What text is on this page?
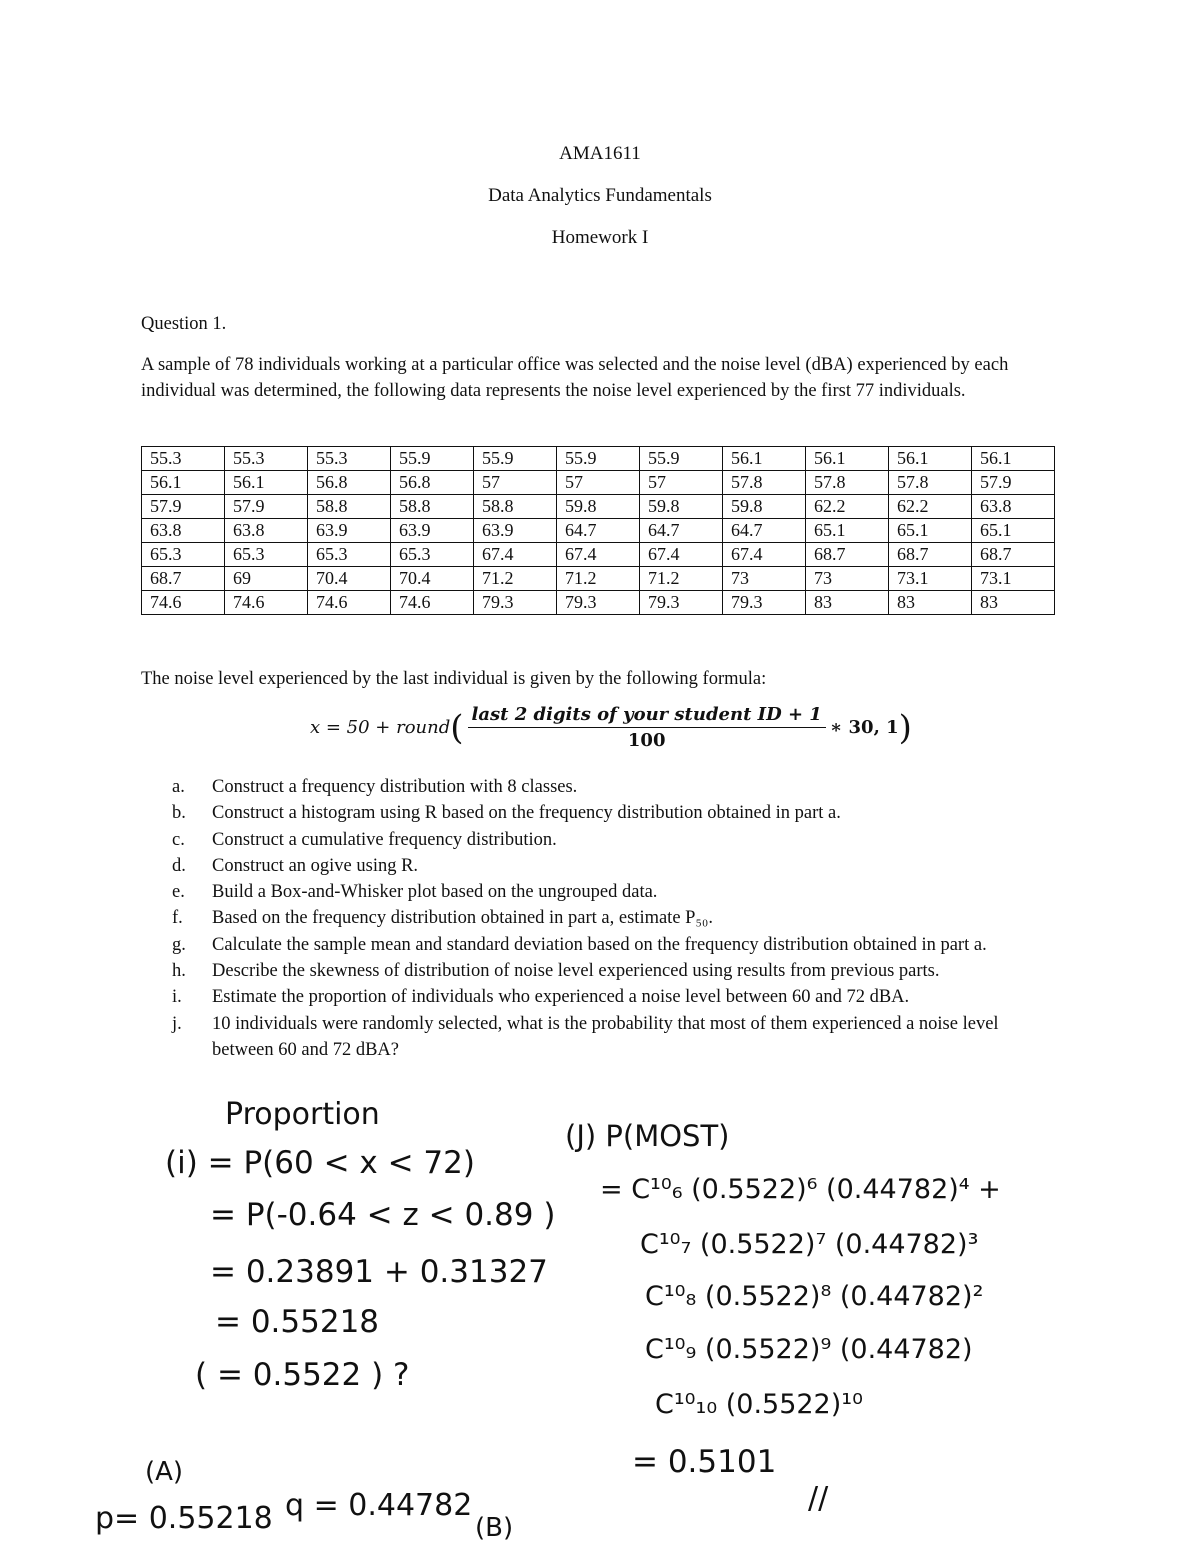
AMA1611
Data Analytics Fundamentals
Homework I
Question 1.
A sample of 78 individuals working at a particular office was selected and the noise level (dBA) experienced by each individual was determined, the following data represents the noise level experienced by the first 77 individuals.
55.3	55.3	55.3	55.9	55.9	55.9	55.9	56.1	56.1	56.1	56.1
56.1	56.1	56.8	56.8	57	57	57	57.8	57.8	57.8	57.9
57.9	57.9	58.8	58.8	58.8	59.8	59.8	59.8	62.2	62.2	63.8
63.8	63.8	63.9	63.9	63.9	64.7	64.7	64.7	65.1	65.1	65.1
65.3	65.3	65.3	65.3	67.4	67.4	67.4	67.4	68.7	68.7	68.7
68.7	69	70.4	70.4	71.2	71.2	71.2	73	73	73.1	73.1
74.6	74.6	74.6	74.6	79.3	79.3	79.3	79.3	83	83	83
The noise level experienced by the last individual is given by the following formula:
x = 50 + round ( $\frac{\text{last 2 digits of your student ID + 1}}{100}$ ∗ 30, 1 )
a.	Construct a frequency distribution with 8 classes.
b.	Construct a histogram using R based on the frequency distribution obtained in part a.
c.	Construct a cumulative frequency distribution.
d.	Construct an ogive using R.
e.	Build a Box-and-Whisker plot based on the ungrouped data.
f.	Based on the frequency distribution obtained in part a, estimate P₅₀.
g.	Calculate the sample mean and standard deviation based on the frequency distribution obtained in part a.
h.	Describe the skewness of distribution of noise level experienced using results from previous parts.
i.	Estimate the proportion of individuals who experienced a noise level between 60 and 72 dBA.
j.	10 individuals were randomly selected, what is the probability that most of them experienced a noise level between 60 and 72 dBA?
Proportion
(i) = P(60 < x < 72)
= P(-0.64 < z < 0.89 )
= 0.23891 + 0.31327
= 0.55218
( = 0.5522 ) ?
(J) P(MOST)
= C¹⁰₆ (0.5522)⁶ (0.44782)⁴ +
C¹⁰₇ (0.5522)⁷ (0.44782)³
C¹⁰₈ (0.5522)⁸ (0.44782)²
C¹⁰₉ (0.5522)⁹ (0.44782)
C¹⁰₁₀ (0.5522)¹⁰
= 0.5101
//
(A)
p= 0.55218 q = 0.44782
(B)
